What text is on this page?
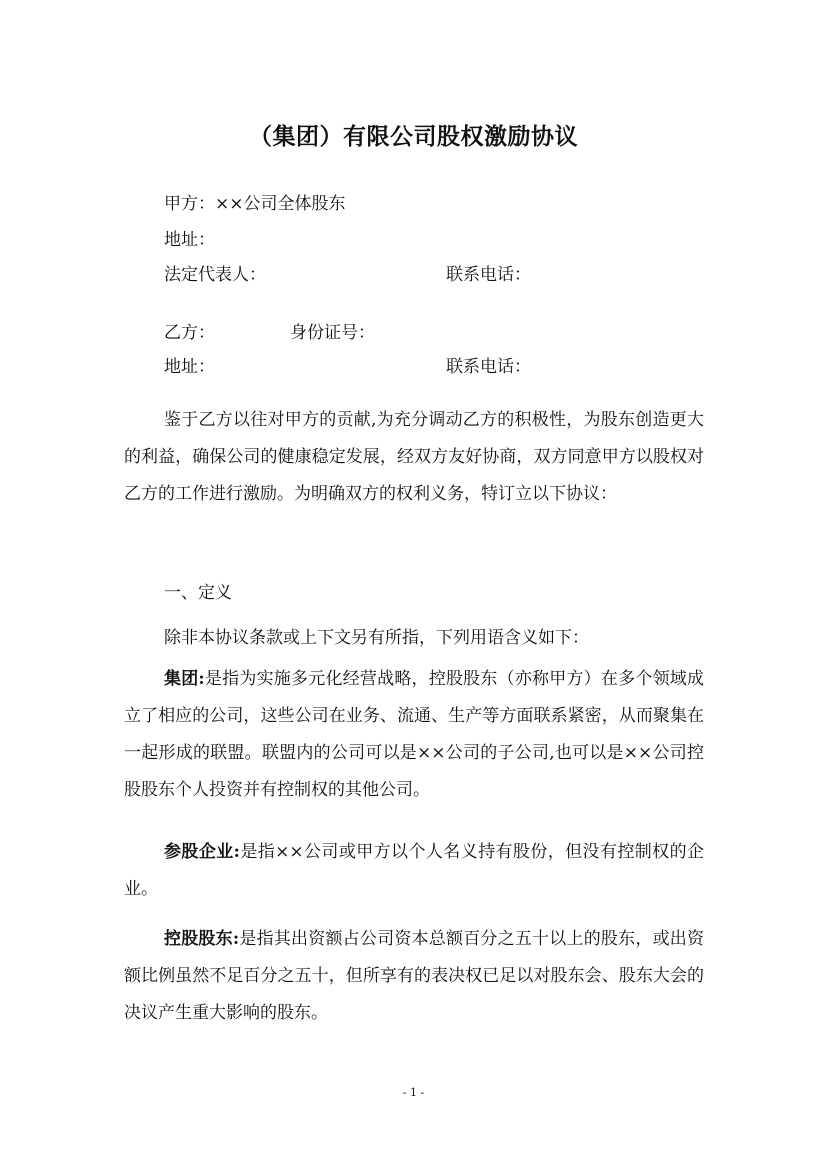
（集团）有限公司股权激励协议
甲方：××公司全体股东
地址：
法定代表人：	联系电话：
乙方：	身份证号：
地址：	联系电话：

鉴于乙方以往对甲方的贡献,为充分调动乙方的积极性，为股东创造更大的利益，确保公司的健康稳定发展，经双方友好协商，双方同意甲方以股权对乙方的工作进行激励。为明确双方的权利义务，特订立以下协议：

一、定义

除非本协议条款或上下文另有所指，下列用语含义如下：

集团:是指为实施多元化经营战略，控股股东（亦称甲方）在多个领域成立了相应的公司，这些公司在业务、流通、生产等方面联系紧密，从而聚集在一起形成的联盟。联盟内的公司可以是××公司的子公司,也可以是××公司控股股东个人投资并有控制权的其他公司。

参股企业:是指××公司或甲方以个人名义持有股份，但没有控制权的企业。

控股股东:是指其出资额占公司资本总额百分之五十以上的股东，或出资额比例虽然不足百分之五十，但所享有的表决权已足以对股东会、股东大会的决议产生重大影响的股东。

- 1 -
